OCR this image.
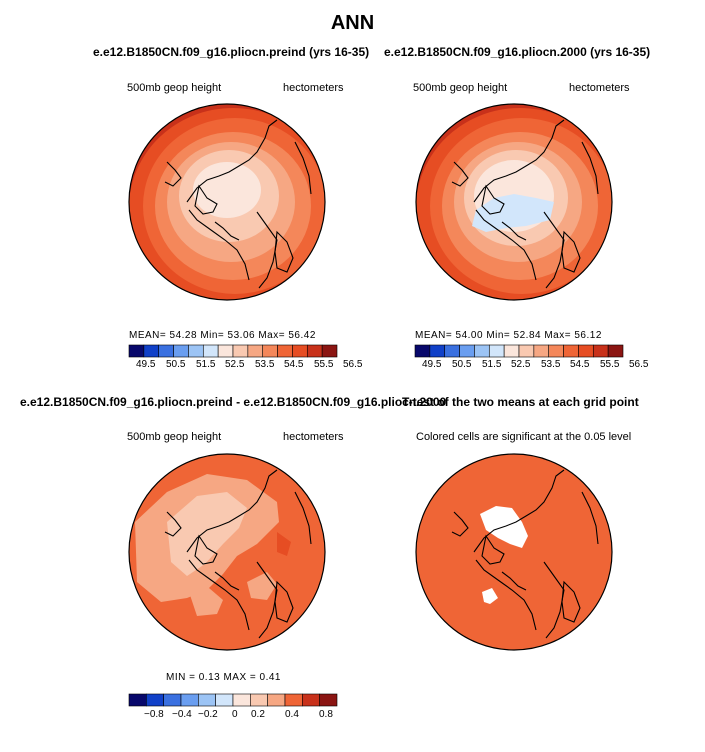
ANN
e.e12.B1850CN.f09_g16.pliocn.preind (yrs 16-35)
500mb geop height	hectometers
MEAN= 54.28 Min= 53.06 Max= 56.42
49.5 50.5 51.5 52.5 53.5 54.5 55.5 56.5
e.e12.B1850CN.f09_g16.pliocn.2000 (yrs 16-35)
500mb geop height	hectometers
MEAN= 54.00 Min= 52.84 Max= 56.12
49.5 50.5 51.5 52.5 53.5 54.5 55.5 56.5
T-test of the two means at each grid point
e.e12.B1850CN.f09_g16.pliocn.preind - e.e12.B1850CN.f09_g16.pliocn.2000
500mb geop height	hectometers
MIN = 0.13 MAX = 0.41
−0.8 −0.4 −0.2 0 0.2 0.4 0.8
Colored cells are significant at the 0.05 level
